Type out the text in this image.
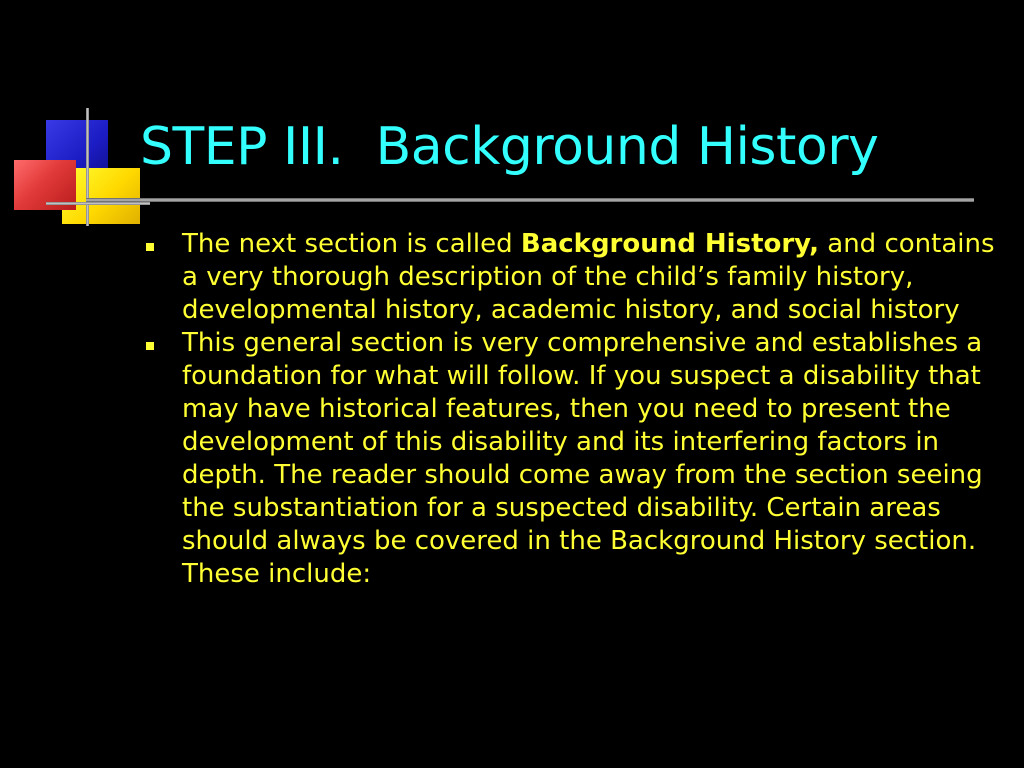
STEP III.  Background History
The next section is called Background History, and contains a very thorough description of the child’s family history, developmental history, academic history, and social history
This general section is very comprehensive and establishes a foundation for what will follow. If you suspect a disability that may have historical features, then you need to present the development of this disability and its interfering factors in depth. The reader should come away from the section seeing the substantiation for a suspected disability. Certain areas should always be covered in the Background History section. These include:
